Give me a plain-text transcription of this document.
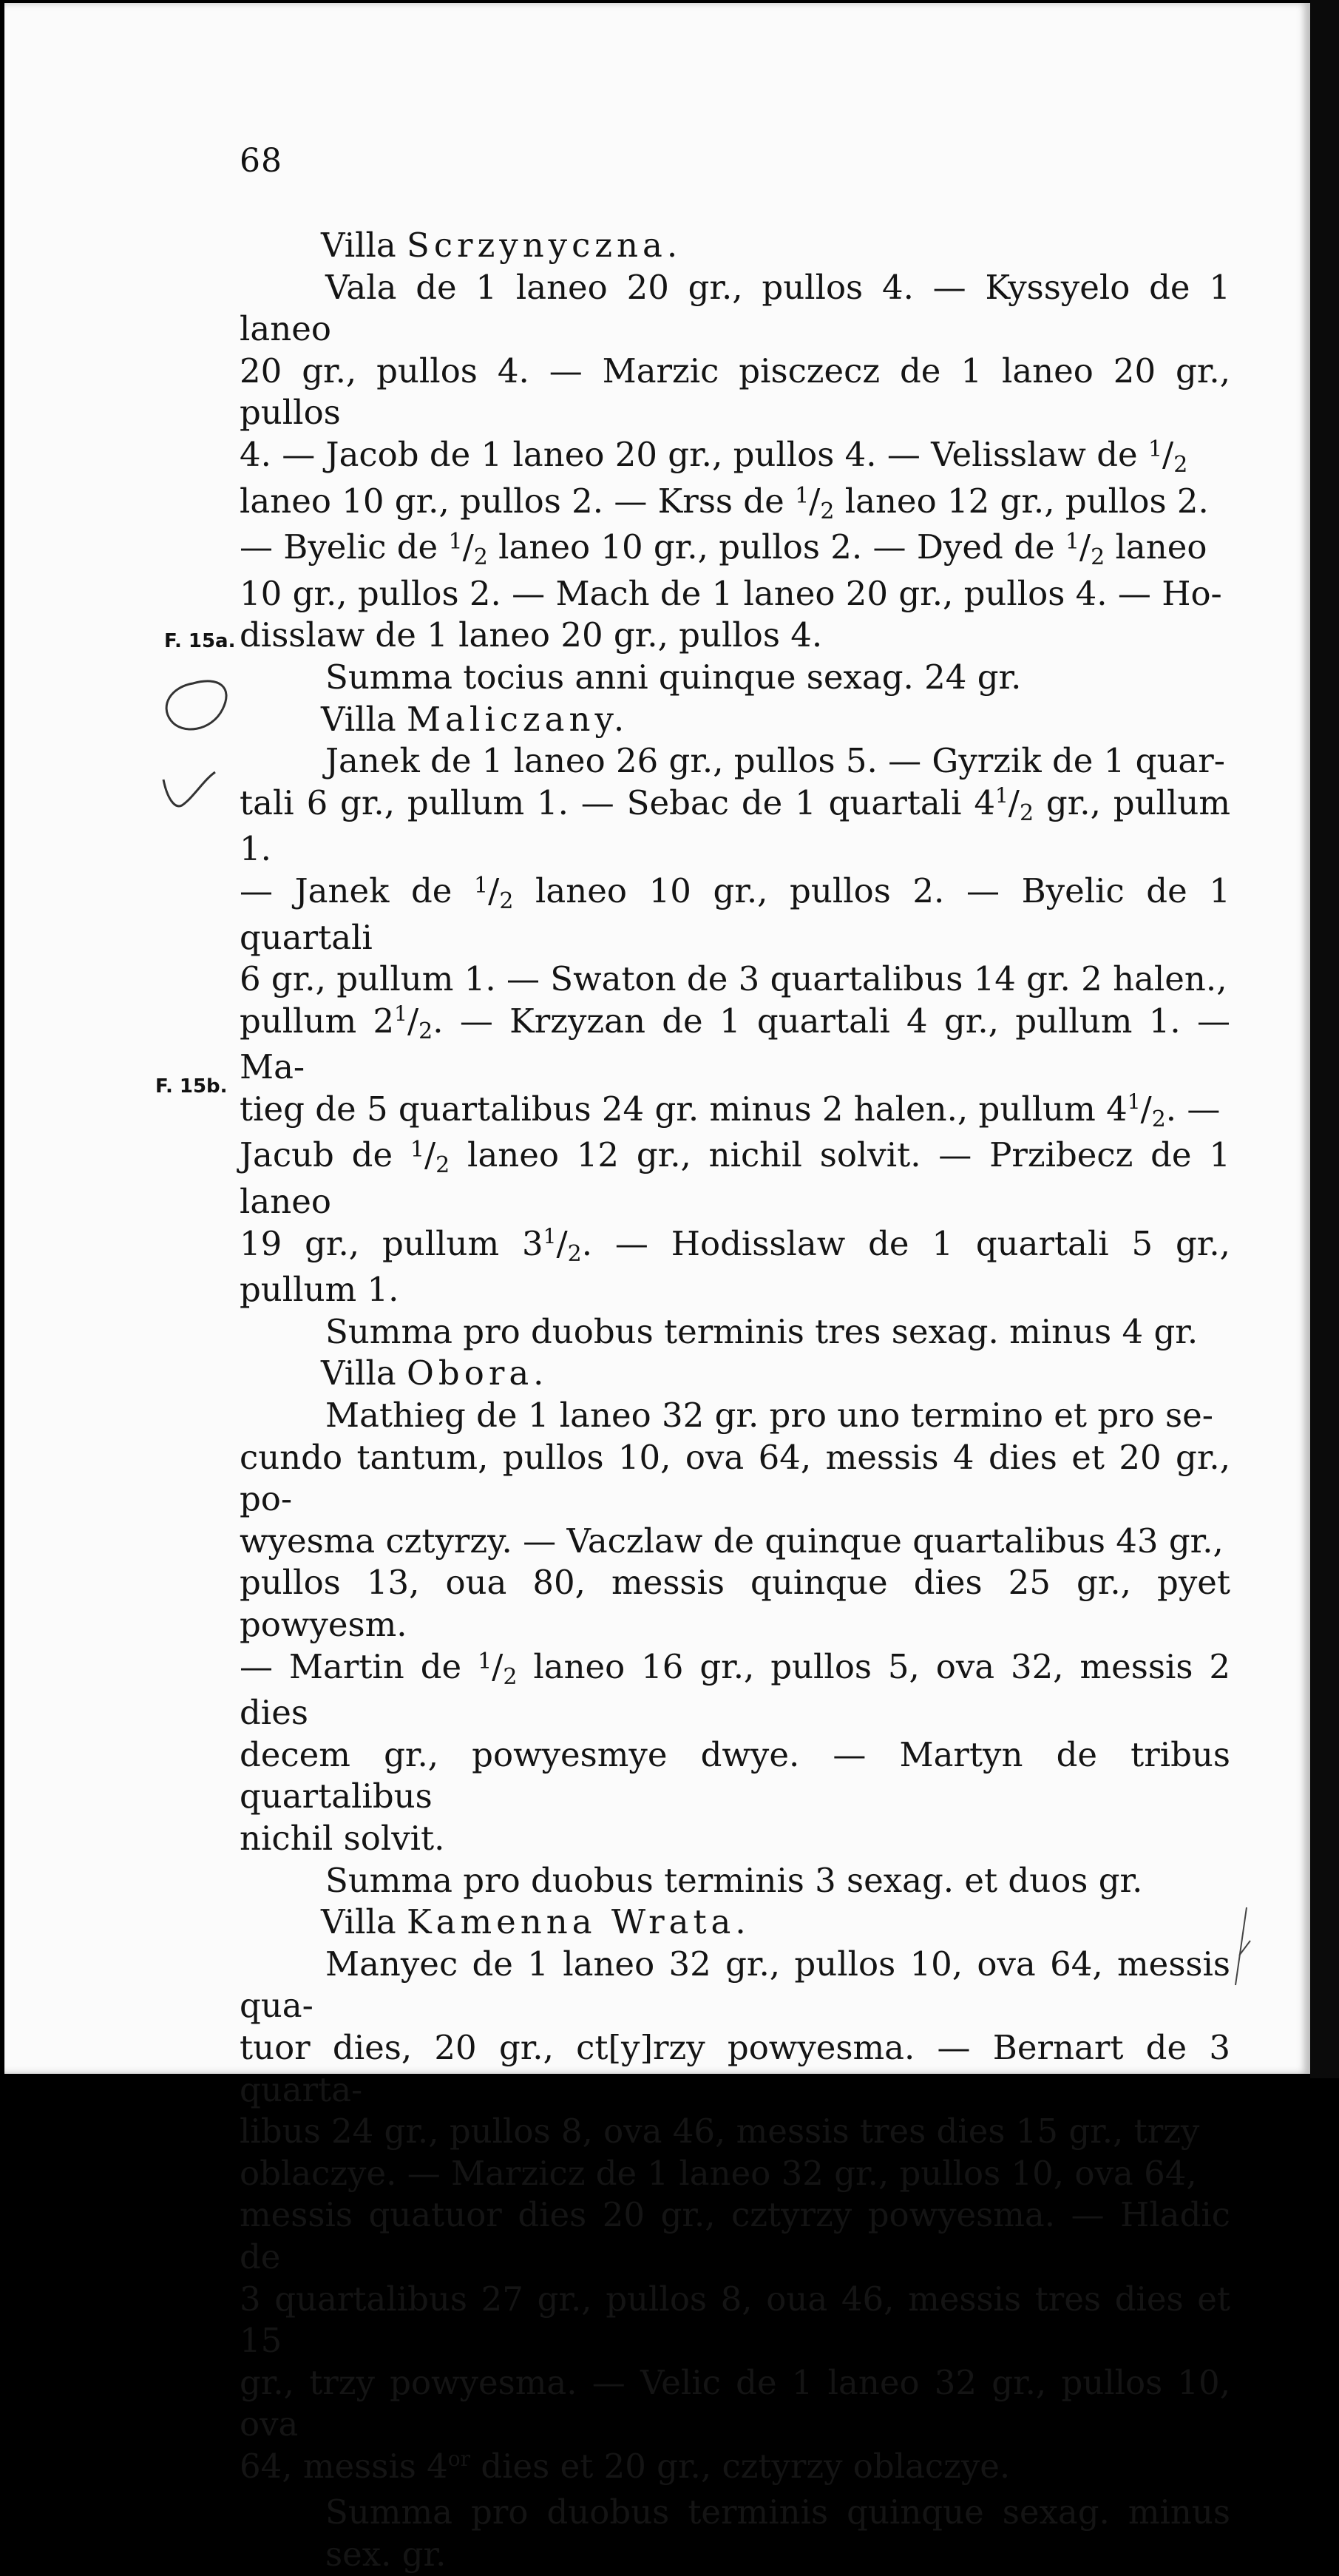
68
F. 15a.
F. 15b.

Villa Scrzynyczna.

Vala de 1 laneo 20 gr., pullos 4. — Kyssyelo de 1 laneo
20 gr., pullos 4. — Marzic pisczecz de 1 laneo 20 gr., pullos
4. — Jacob de 1 laneo 20 gr., pullos 4. — Velisslaw de $^1$/2
laneo 10 gr., pullos 2. — Krss de $^1$/2 laneo 12 gr., pullos 2.
— Byelic de $^1$/2 laneo 10 gr., pullos 2. — Dyed de $^1$/2 laneo
10 gr., pullos 2. — Mach de 1 laneo 20 gr., pullos 4. — Ho-
disslaw de 1 laneo 20 gr., pullos 4.

Summa tocius anni quinque sexag. 24 gr.

Villa Maliczany.

Janek de 1 laneo 26 gr., pullos 5. — Gyrzik de 1 quar-
tali 6 gr., pullum 1. — Sebac de 1 quartali $4^1/2$ gr., pullum 1.
— Janek de $^1$/2 laneo 10 gr., pullos 2. — Byelic de 1 quartali
6 gr., pullum 1. — Swaton de 3 quartalibus 14 gr. 2 halen.,
pullum $2^1/2$. — Krzyzan de 1 quartali 4 gr., pullum 1. — Ma-
tieg de 5 quartalibus 24 gr. minus 2 halen., pullum $4^1/2$. —
Jacub de $^1$/2 laneo 12 gr., nichil solvit. — Przibecz de 1 laneo
19 gr., pullum $3^1/2$. — Hodisslaw de 1 quartali 5 gr., pullum 1.

Summa pro duobus terminis tres sexag. minus 4 gr.

Villa Obora.

Mathieg de 1 laneo 32 gr. pro uno termino et pro se-
cundo tantum, pullos 10, ova 64, messis 4 dies et 20 gr., po-
wyesma cztyrzy. — Vaczlaw de quinque quartalibus 43 gr.,
pullos 13, oua 80, messis quinque dies 25 gr., pyet powyesm.
— Martin de $^1$/2 laneo 16 gr., pullos 5, ova 32, messis 2 dies
decem gr., powyesmye dwye. — Martyn de tribus quartalibus
nichil solvit.

Summa pro duobus terminis 3 sexag. et duos gr.

Villa Kamenna Wrata.

Manyec de 1 laneo 32 gr., pullos 10, ova 64, messis qua-
tuor dies, 20 gr., ct[y]rzy powyesma. — Bernart de 3 quarta-
libus 24 gr., pullos 8, ova 46, messis tres dies 15 gr., trzy
oblaczye. — Marzicz de 1 laneo 32 gr., pullos 10, ova 64,
messis quatuor dies 20 gr., cztyrzy powyesma. — Hladic de
3 quartalibus 27 gr., pullos 8, oua 46, messis tres dies et 15
gr., trzy powyesma. — Velic de 1 laneo 32 gr., pullos 10, ova
64, messis $4^{or}$ dies et 20 gr., cztyrzy oblaczye.

Summa pro duobus terminis quinque sexag. minus sex. gr.
